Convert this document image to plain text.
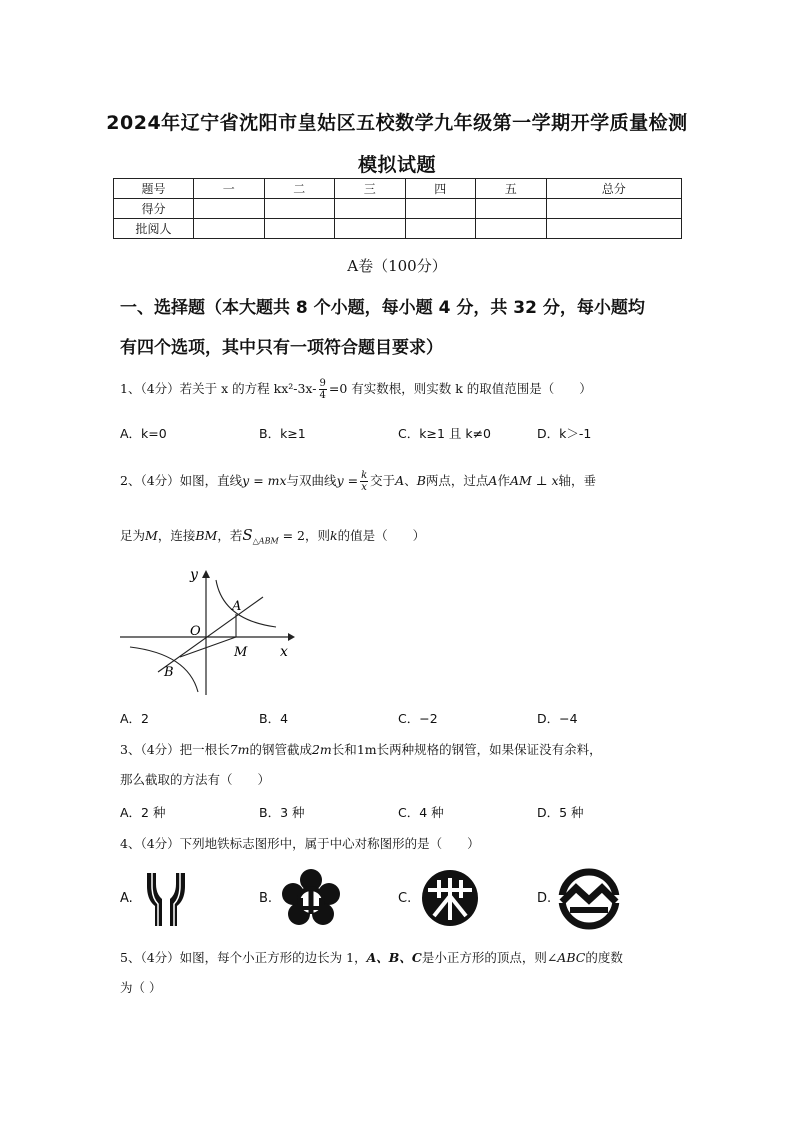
2024年辽宁省沈阳市皇姑区五校数学九年级第一学期开学质量检测
模拟试题
题号	一	二	三	四	五	总分
得分						
批阅人						
A卷（100分）
一、选择题（本大题共 8 个小题，每小题 4 分，共 32 分，每小题均
有四个选项，其中只有一项符合题目要求）
1、（4分）若关于 x 的方程 $kx^2-3x- \frac{9}{4} =0$ 有实数根，则实数 k 的取值范围是（　　）
A．k=0	B．k≥1	C．k≥1 且 k≠0	D．k＞-1
2、（4分）如图，直线y = mx与双曲线$y = \frac{k}{x}$ 交于A、B两点，过点A作AM ⊥ x轴，垂
足为M，连接BM，若$S_{\triangle ABM} = 2$，则k的值是（　　）
y
x
O
A
B
M
A．2	B．4	C．−2	D．−4
3、（4分）把一根长7m的钢管截成2m长和1m长两种规格的钢管，如果保证没有余料，
那么截取的方法有（　　）
A．2 种	B．3 种	C．4 种	D．5 种
4、（4分）下列地铁标志图形中，属于中心对称图形的是（　　）
A.	B.	C.	D.
5、（4分）如图，每个小正方形的边长为 1，A、B、C是小正方形的顶点，则∠ABC的度数
为（ ）
